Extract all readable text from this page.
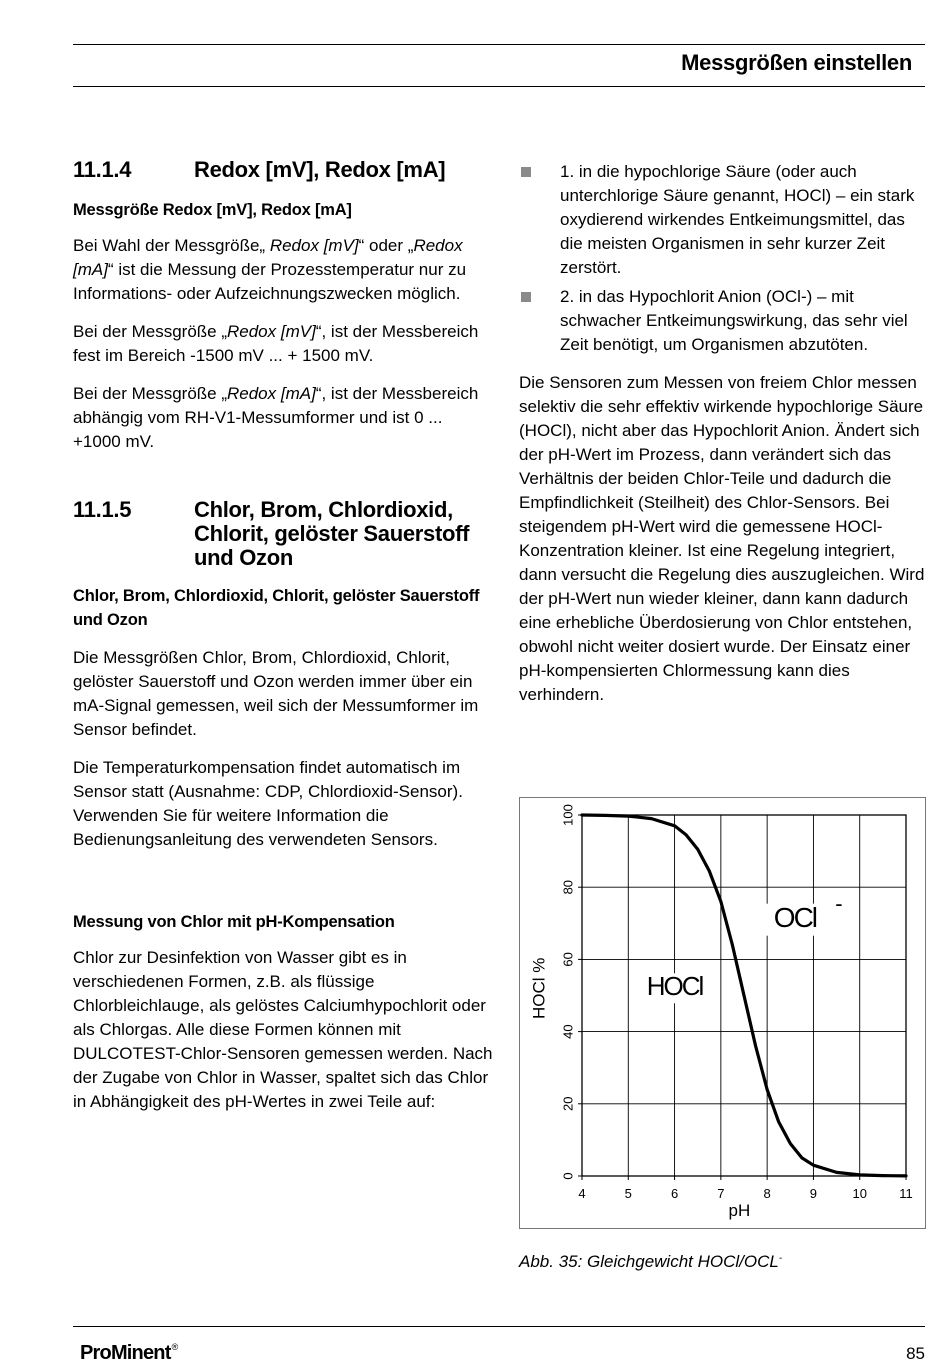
Messgrößen einstellen
11.1.4	Redox [mV], Redox [mA]
Messgröße Redox [mV], Redox [mA]

Bei Wahl der Messgröße„ Redox [mV]“ oder „Redox [mA]“ ist die Messung der Prozesstemperatur nur zu Informations- oder Aufzeichnungszwecken möglich.

Bei der Messgröße „Redox [mV]“, ist der Messbereich fest im Bereich -1500 mV ... + 1500 mV.

Bei der Messgröße „Redox [mA]“, ist der Messbereich abhängig vom RH-V1-Messumformer und ist 0 ... +1000 mV.

11.1.5	Chlor, Brom, Chlordioxid, Chlorit, gelöster Sauerstoff und Ozon
Chlor, Brom, Chlordioxid, Chlorit, gelöster Sauerstoff und Ozon

Die Messgrößen Chlor, Brom, Chlordioxid, Chlorit, gelöster Sauerstoff und Ozon werden immer über ein mA-Signal gemessen, weil sich der Messumformer im Sensor befindet.

Die Temperaturkompensation findet automatisch im Sensor statt (Ausnahme: CDP, Chlordioxid-Sensor). Verwenden Sie für weitere Information die Bedienungsanleitung des verwendeten Sensors.

Messung von Chlor mit pH-Kompensation

Chlor zur Desinfektion von Wasser gibt es in verschiedenen Formen, z.B. als flüssige Chlorbleichlauge, als gelöstes Calciumhypochlorit oder als Chlorgas. Alle diese Formen können mit DULCOTEST-Chlor-Sensoren gemessen werden. Nach der Zugabe von Chlor in Wasser, spaltet sich das Chlor in Abhängigkeit des pH-Wertes in zwei Teile auf:

1. in die hypochlorige Säure (oder auch unterchlorige Säure genannt, HOCl) – ein stark oxydierend wirkendes Entkeimungsmittel, das die meisten Organismen in sehr kurzer Zeit zerstört.
2. in das Hypochlorit Anion (OCl-) – mit schwacher Entkeimungswirkung, das sehr viel Zeit benötigt, um Organismen abzutöten.

Die Sensoren zum Messen von freiem Chlor messen selektiv die sehr effektiv wirkende hypochlorige Säure (HOCl), nicht aber das Hypochlorit Anion. Ändert sich der pH-Wert im Prozess, dann verändert sich das Verhältnis der beiden Chlor-Teile und dadurch die Empfindlichkeit (Steilheit) des Chlor-Sensors. Bei steigendem pH-Wert wird die gemessene HOCl-Konzentration kleiner. Ist eine Regelung integriert, dann versucht die Regelung dies auszugleichen. Wird der pH-Wert nun wieder kleiner, dann kann dadurch eine erhebliche Überdosierung von Chlor entstehen, obwohl nicht weiter dosiert wurde. Der Einsatz einer pH-kompensierten Chlormessung kann dies verhindern.

4	5	6	7	8	9	10 11
0
20
40
60
80
100
pH
HOCl %	HOCl
OCl -
Abb. 35: Gleichgewicht HOCl/OCL-
ProMinent®	85
